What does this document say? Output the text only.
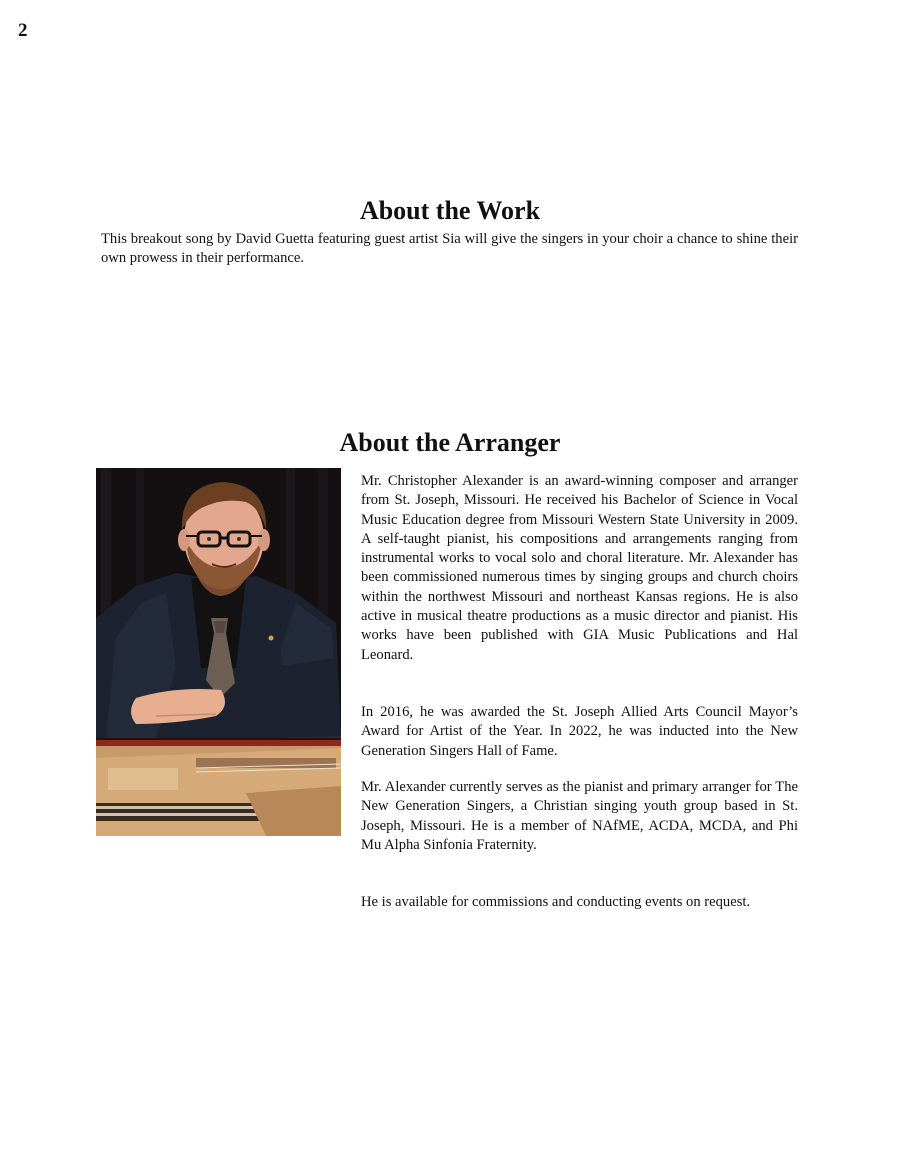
2
About the Work

This breakout song by David Guetta featuring guest artist Sia will give the singers in your choir a chance to shine their own prowess in their performance.

About the Arranger

Mr. Christopher Alexander is an award-winning composer and arranger from St. Joseph, Missouri. He received his Bachelor of Science in Vocal Music Education degree from Missouri Western State University in 2009. A self-taught pianist, his compositions and arrangements ranging from instrumental works to vocal solo and choral literature. Mr. Alexander has been commissioned numerous times by singing groups and church choirs within the northwest Missouri and northeast Kansas regions. He is also active in musical theatre productions as a music director and pianist. His works have been published with GIA Music Publications and Hal Leonard.

In 2016, he was awarded the St. Joseph Allied Arts Council Mayor’s Award for Artist of the Year. In 2022, he was inducted into the New Generation Singers Hall of Fame.

Mr. Alexander currently serves as the pianist and primary arranger for The New Generation Singers, a Christian singing youth group based in St. Joseph, Missouri. He is a member of NAfME, ACDA, MCDA, and Phi Mu Alpha Sinfonia Fraternity.

He is available for commissions and conducting events on request.
